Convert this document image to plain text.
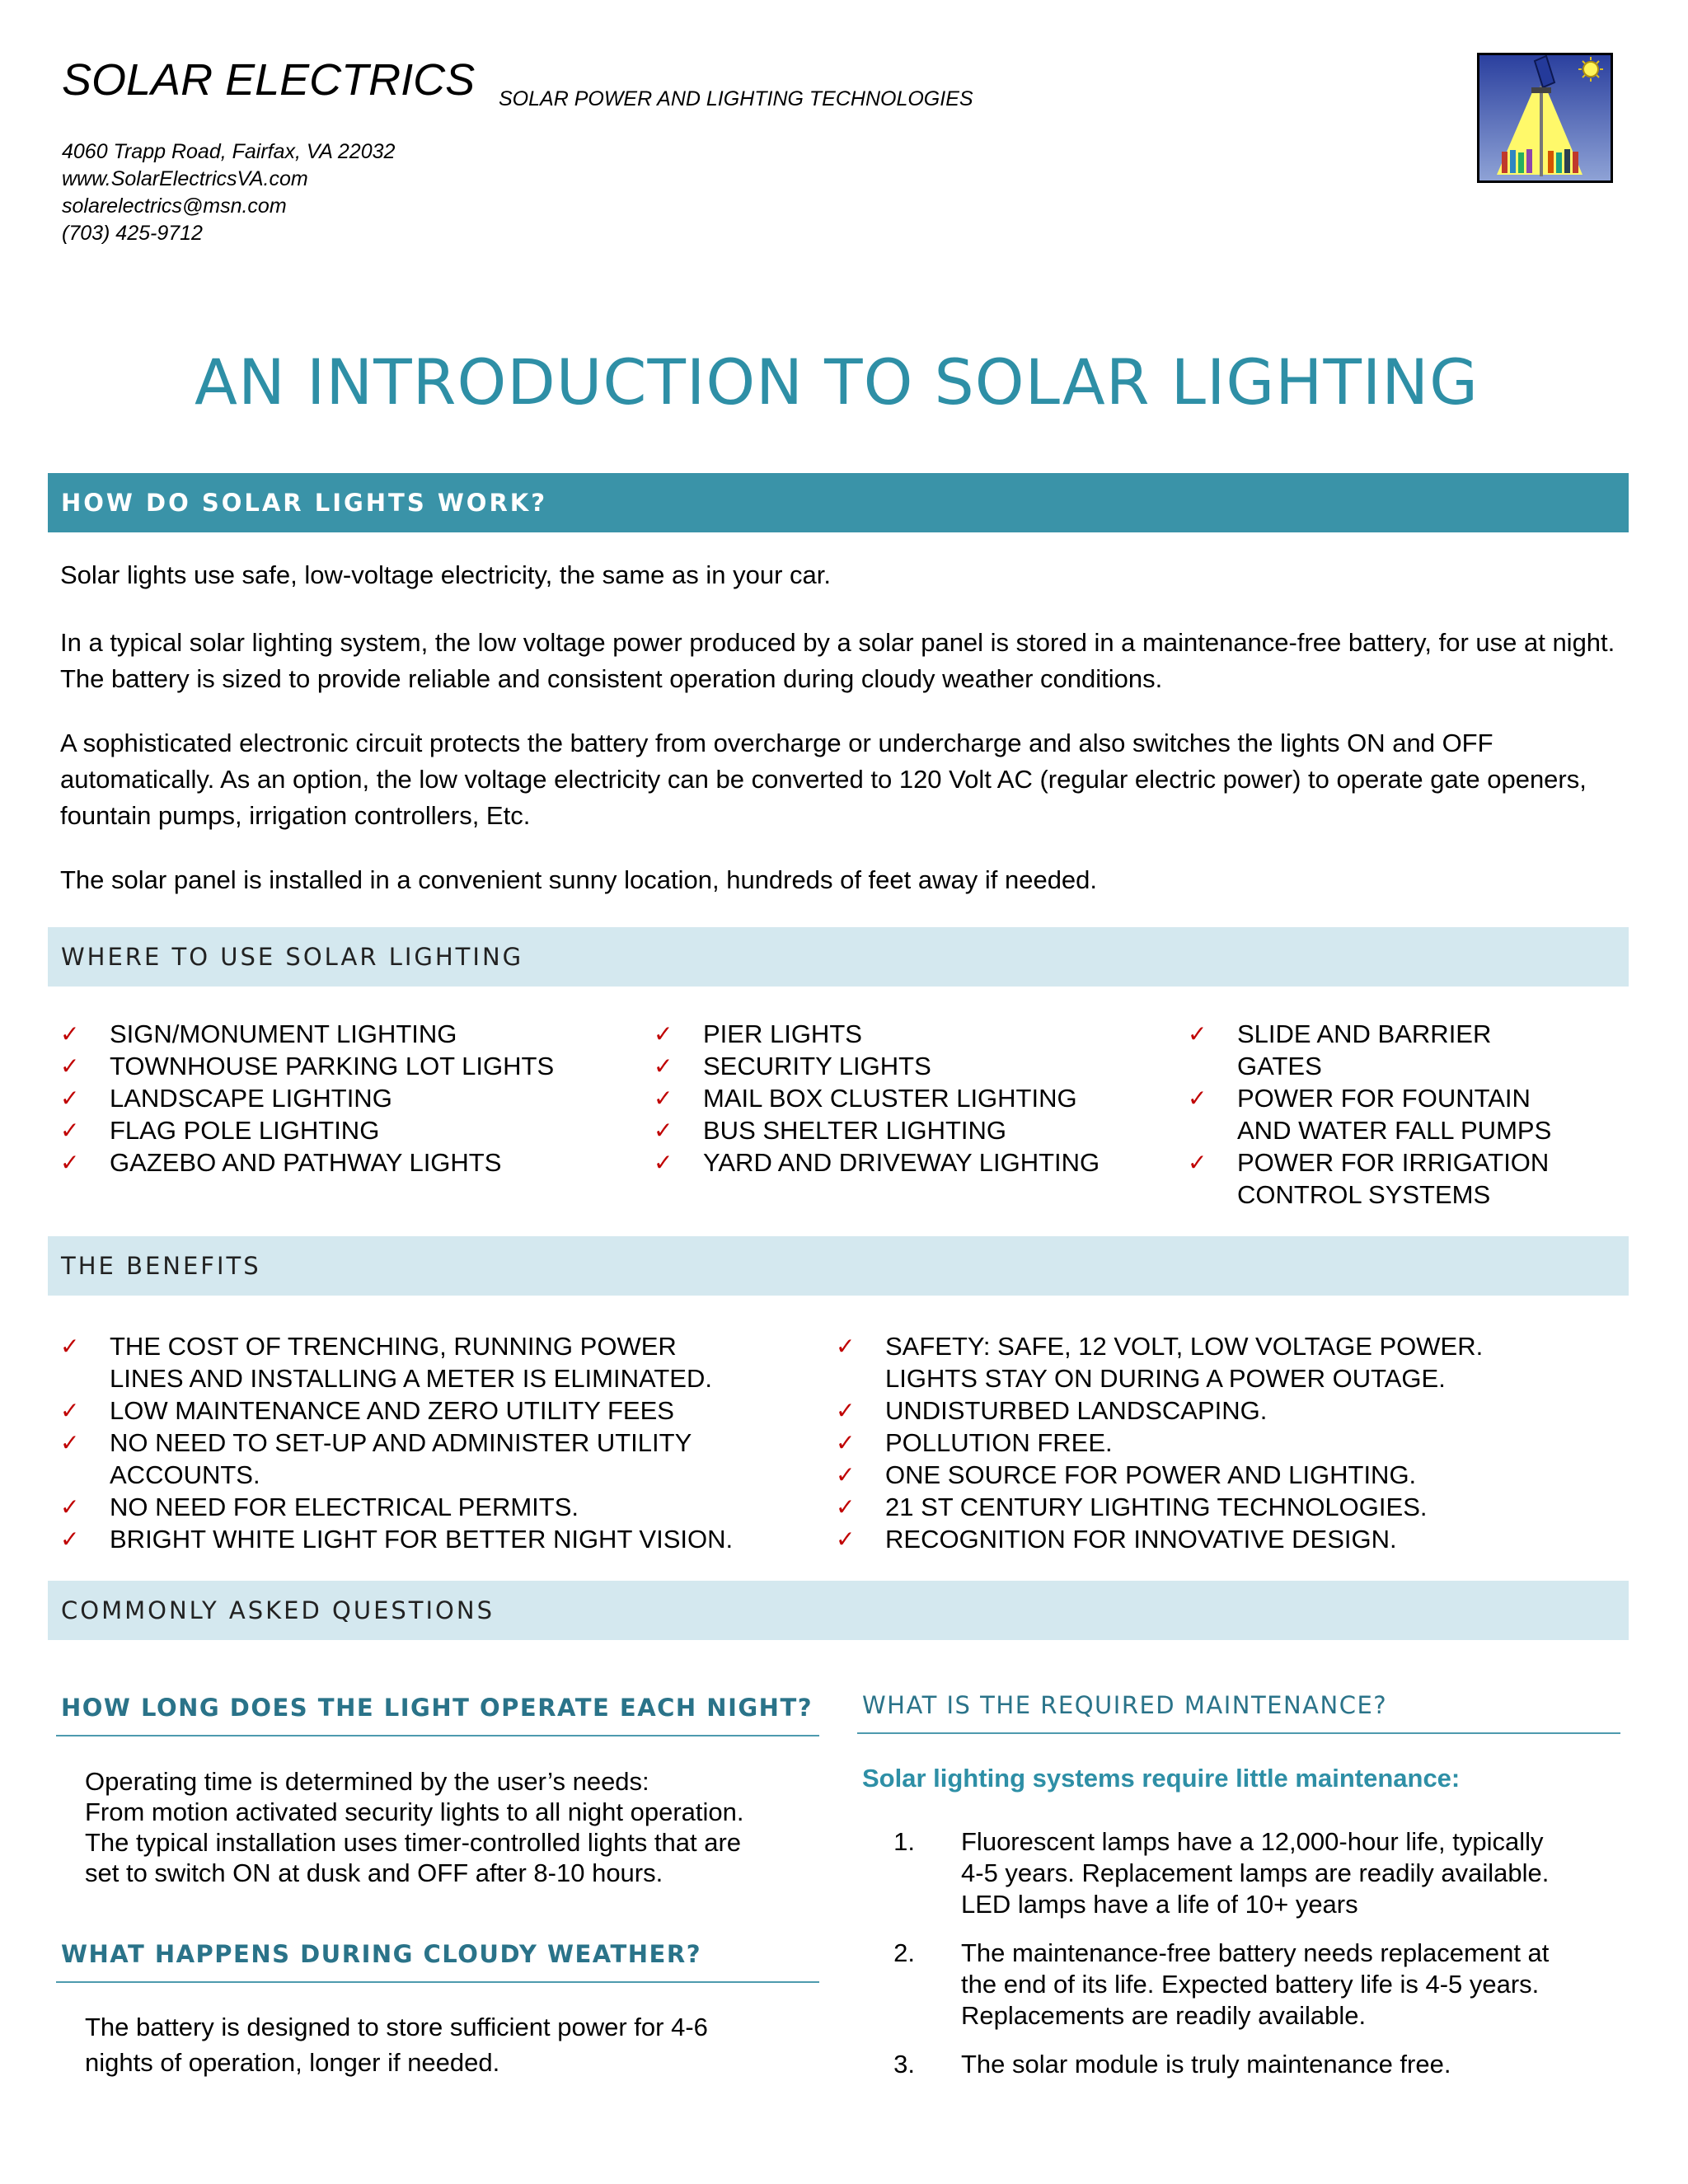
SOLAR ELECTRICS SOLAR POWER AND LIGHTING TECHNOLOGIES
4060 Trapp Road, Fairfax, VA 22032
www.SolarElectricsVA.com
solarelectrics@msn.com
(703) 425-9712
AN INTRODUCTION TO SOLAR LIGHTING
HOW DO SOLAR LIGHTS WORK?
Solar lights use safe, low-voltage electricity, the same as in your car.
In a typical solar lighting system, the low voltage power produced by a solar panel is stored in a maintenance-free battery, for use at night. The battery is sized to provide reliable and consistent operation during cloudy weather conditions.
A sophisticated electronic circuit protects the battery from overcharge or undercharge and also switches the lights ON and OFF automatically. As an option, the low voltage electricity can be converted to 120 Volt AC (regular electric power) to operate gate openers, fountain pumps, irrigation controllers, Etc.
The solar panel is installed in a convenient sunny location, hundreds of feet away if needed.
WHERE TO USE SOLAR LIGHTING
✓	SIGN/MONUMENT LIGHTING
✓	TOWNHOUSE PARKING LOT LIGHTS
✓	LANDSCAPE LIGHTING
✓	FLAG POLE LIGHTING
✓	GAZEBO AND PATHWAY LIGHTS
✓	PIER LIGHTS
✓	SECURITY LIGHTS
✓	MAIL BOX CLUSTER LIGHTING
✓	BUS SHELTER LIGHTING
✓	YARD AND DRIVEWAY LIGHTING
✓	SLIDE AND BARRIER
GATES
✓	POWER FOR FOUNTAIN
AND WATER FALL PUMPS
✓	POWER FOR IRRIGATION
CONTROL SYSTEMS
THE BENEFITS
✓	THE COST OF TRENCHING, RUNNING POWER
LINES AND INSTALLING A METER IS ELIMINATED.
✓	LOW MAINTENANCE AND ZERO UTILITY FEES
✓	NO NEED TO SET-UP AND ADMINISTER UTILITY
ACCOUNTS.
✓	NO NEED FOR ELECTRICAL PERMITS.
✓	BRIGHT WHITE LIGHT FOR BETTER NIGHT VISION.
✓	SAFETY: SAFE, 12 VOLT, LOW VOLTAGE POWER.
LIGHTS STAY ON DURING A POWER OUTAGE.
✓	UNDISTURBED LANDSCAPING.
✓	POLLUTION FREE.
✓	ONE SOURCE FOR POWER AND LIGHTING.
✓	21 ST CENTURY LIGHTING TECHNOLOGIES.
✓	RECOGNITION FOR INNOVATIVE DESIGN.
COMMONLY ASKED QUESTIONS
HOW LONG DOES THE LIGHT OPERATE EACH NIGHT?
Operating time is determined by the user’s needs:
From motion activated security lights to all night operation.
The typical installation uses timer-controlled lights that are
set to switch ON at dusk and OFF after 8-10 hours.
WHAT HAPPENS DURING CLOUDY WEATHER?
The battery is designed to store sufficient power for 4-6
nights of operation, longer if needed.
WHAT IS THE REQUIRED MAINTENANCE?
Solar lighting systems require little maintenance:
1.	Fluorescent lamps have a 12,000-hour life, typically
4-5 years. Replacement lamps are readily available.
LED lamps have a life of 10+ years
2.	The maintenance-free battery needs replacement at
the end of its life. Expected battery life is 4-5 years.
Replacements are readily available.
3.	The solar module is truly maintenance free.
